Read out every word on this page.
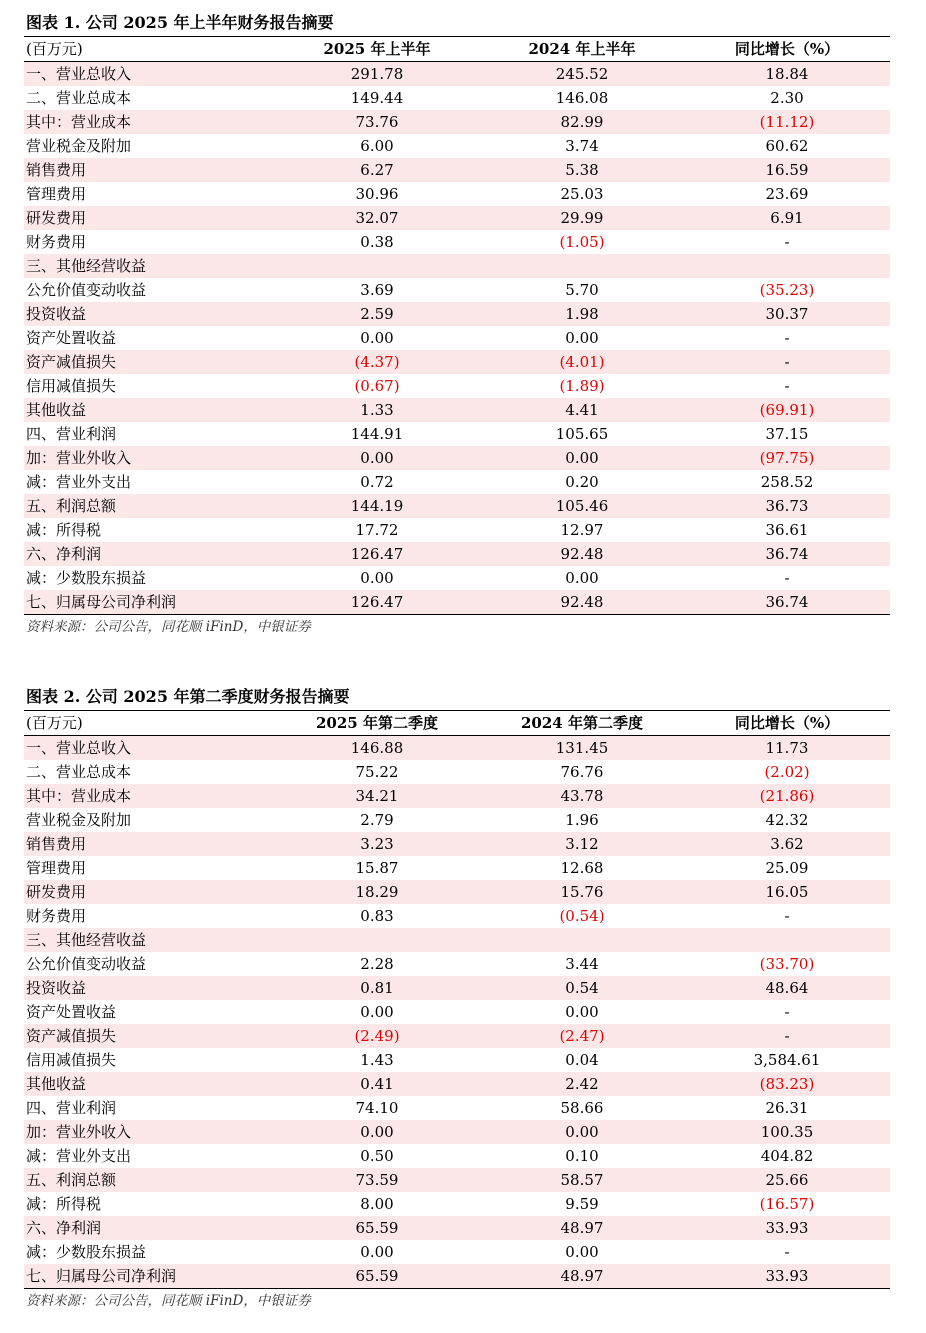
图表 1. 公司 2025 年上半年财务报告摘要
(百万元)	2025 年上半年	2024 年上半年	同比增长（%）
一、营业总收入	291.78	245.52	18.84
二、营业总成本	149.44	146.08	2.30
其中：营业成本	73.76	82.99	(11.12)
营业税金及附加	6.00	3.74	60.62
销售费用	6.27	5.38	16.59
管理费用	30.96	25.03	23.69
研发费用	32.07	29.99	6.91
财务费用	0.38	(1.05)	-
三、其他经营收益			
公允价值变动收益	3.69	5.70	(35.23)
投资收益	2.59	1.98	30.37
资产处置收益	0.00	0.00	-
资产减值损失	(4.37)	(4.01)	-
信用减值损失	(0.67)	(1.89)	-
其他收益	1.33	4.41	(69.91)
四、营业利润	144.91	105.65	37.15
加：营业外收入	0.00	0.00	(97.75)
减：营业外支出	0.72	0.20	258.52
五、利润总额	144.19	105.46	36.73
减：所得税	17.72	12.97	36.61
六、净利润	126.47	92.48	36.74
减：少数股东损益	0.00	0.00	-
七、归属母公司净利润	126.47	92.48	36.74
资料来源：公司公告，同花顺 iFinD，中银证券
图表 2. 公司 2025 年第二季度财务报告摘要
(百万元)	2025 年第二季度	2024 年第二季度	同比增长（%）
一、营业总收入	146.88	131.45	11.73
二、营业总成本	75.22	76.76	(2.02)
其中：营业成本	34.21	43.78	(21.86)
营业税金及附加	2.79	1.96	42.32
销售费用	3.23	3.12	3.62
管理费用	15.87	12.68	25.09
研发费用	18.29	15.76	16.05
财务费用	0.83	(0.54)	-
三、其他经营收益			
公允价值变动收益	2.28	3.44	(33.70)
投资收益	0.81	0.54	48.64
资产处置收益	0.00	0.00	-
资产减值损失	(2.49)	(2.47)	-
信用减值损失	1.43	0.04	3,584.61
其他收益	0.41	2.42	(83.23)
四、营业利润	74.10	58.66	26.31
加：营业外收入	0.00	0.00	100.35
减：营业外支出	0.50	0.10	404.82
五、利润总额	73.59	58.57	25.66
减：所得税	8.00	9.59	(16.57)
六、净利润	65.59	48.97	33.93
减：少数股东损益	0.00	0.00	-
七、归属母公司净利润	65.59	48.97	33.93
资料来源：公司公告，同花顺 iFinD，中银证券
